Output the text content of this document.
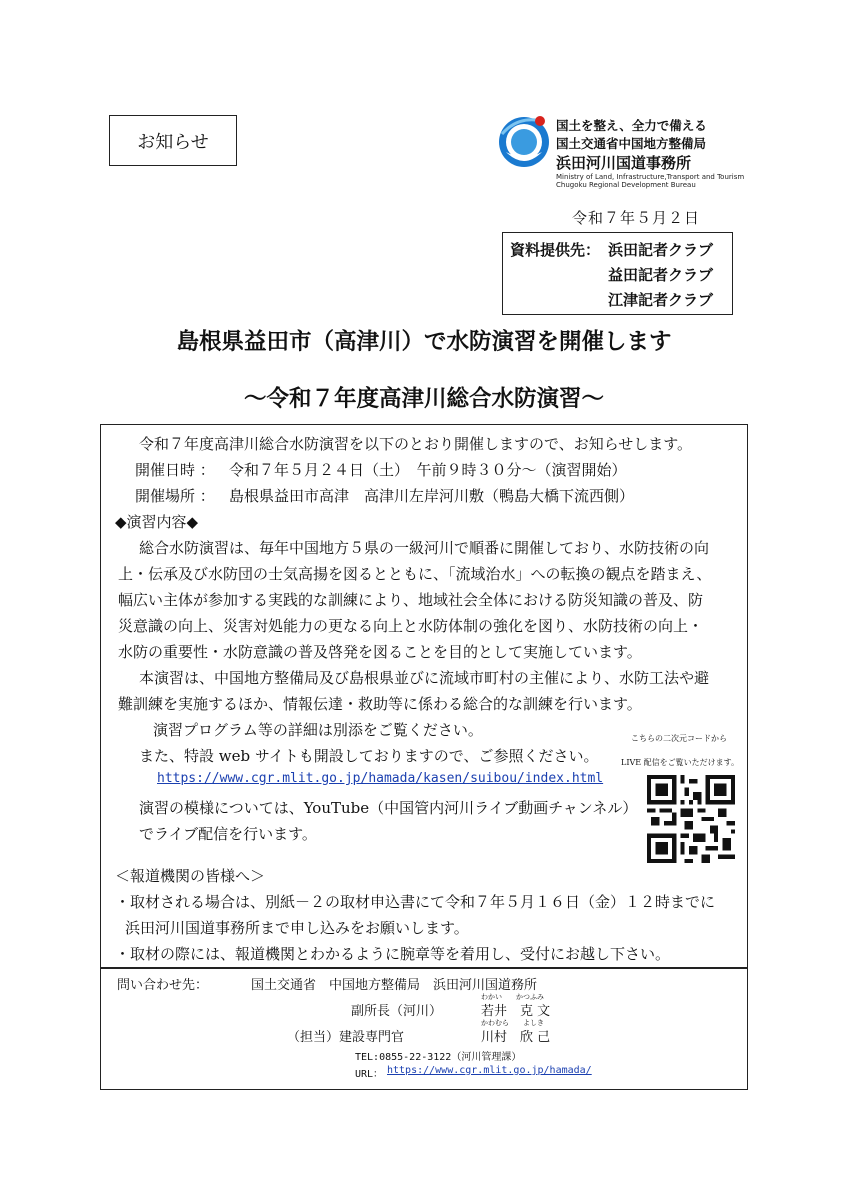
お知らせ
国土を整え、全力で備える
国土交通省中国地方整備局
浜田河川国道事務所
Ministry of Land, Infrastructure,Transport and Tourism
Chugoku Regional Development Bureau
令和７年５月２日
資料提供先： 浜田記者クラブ
益田記者クラブ
江津記者クラブ
島根県益田市（高津川）で水防演習を開催します
～令和７年度高津川総合水防演習～
令和７年度高津川総合水防演習を以下のとおり開催しますので、お知らせします。
開催日時 ： 令和７年５月２４日（土）　午前９時３０分～（演習開始）
開催場所 ： 島根県益田市高津　高津川左岸河川敷（鴨島大橋下流西側）
◆演習内容◆
総合水防演習は、毎年中国地方５県の一級河川で順番に開催しており、水防技術の向
上・伝承及び水防団の士気高揚を図るとともに、「流域治水」への転換の観点を踏まえ、
幅広い主体が参加する実践的な訓練により、地域社会全体における防災知識の普及、防
災意識の向上、災害対処能力の更なる向上と水防体制の強化を図り、水防技術の向上・
水防の重要性・水防意識の普及啓発を図ることを目的として実施しています。
本演習は、中国地方整備局及び島根県並びに流域市町村の主催により、水防工法や避
難訓練を実施するほか、情報伝達・救助等に係わる総合的な訓練を行います。
演習プログラム等の詳細は別添をご覧ください。
また、特設 web サイトも開設しておりますので、ご参照ください。
https://www.cgr.mlit.go.jp/hamada/kasen/suibou/index.html
演習の模様については、YouTube（中国管内河川ライブ動画チャンネル）
でライブ配信を行います。
こちらの二次元コードから
LIVE 配信をご覧いただけます。
＜報道機関の皆様へ＞
・取材される場合は、別紙－２の取材申込書にて令和７年５月１６日（金）１２時までに
浜田河川国道事務所まで申し込みをお願いします。
・取材の際には、報道機関とわかるように腕章等を着用し、受付にお越し下さい。
問い合わせ先：	国土交通省　中国地方整備局　浜田河川国道務所
わかい　　かつふみ
副所長（河川）	若井　克 文
かわむら　　よしき
（担当）建設専門官	川村　欣 己
TEL:0855-22-3122（河川管理課）
URL： https://www.cgr.mlit.go.jp/hamada/
